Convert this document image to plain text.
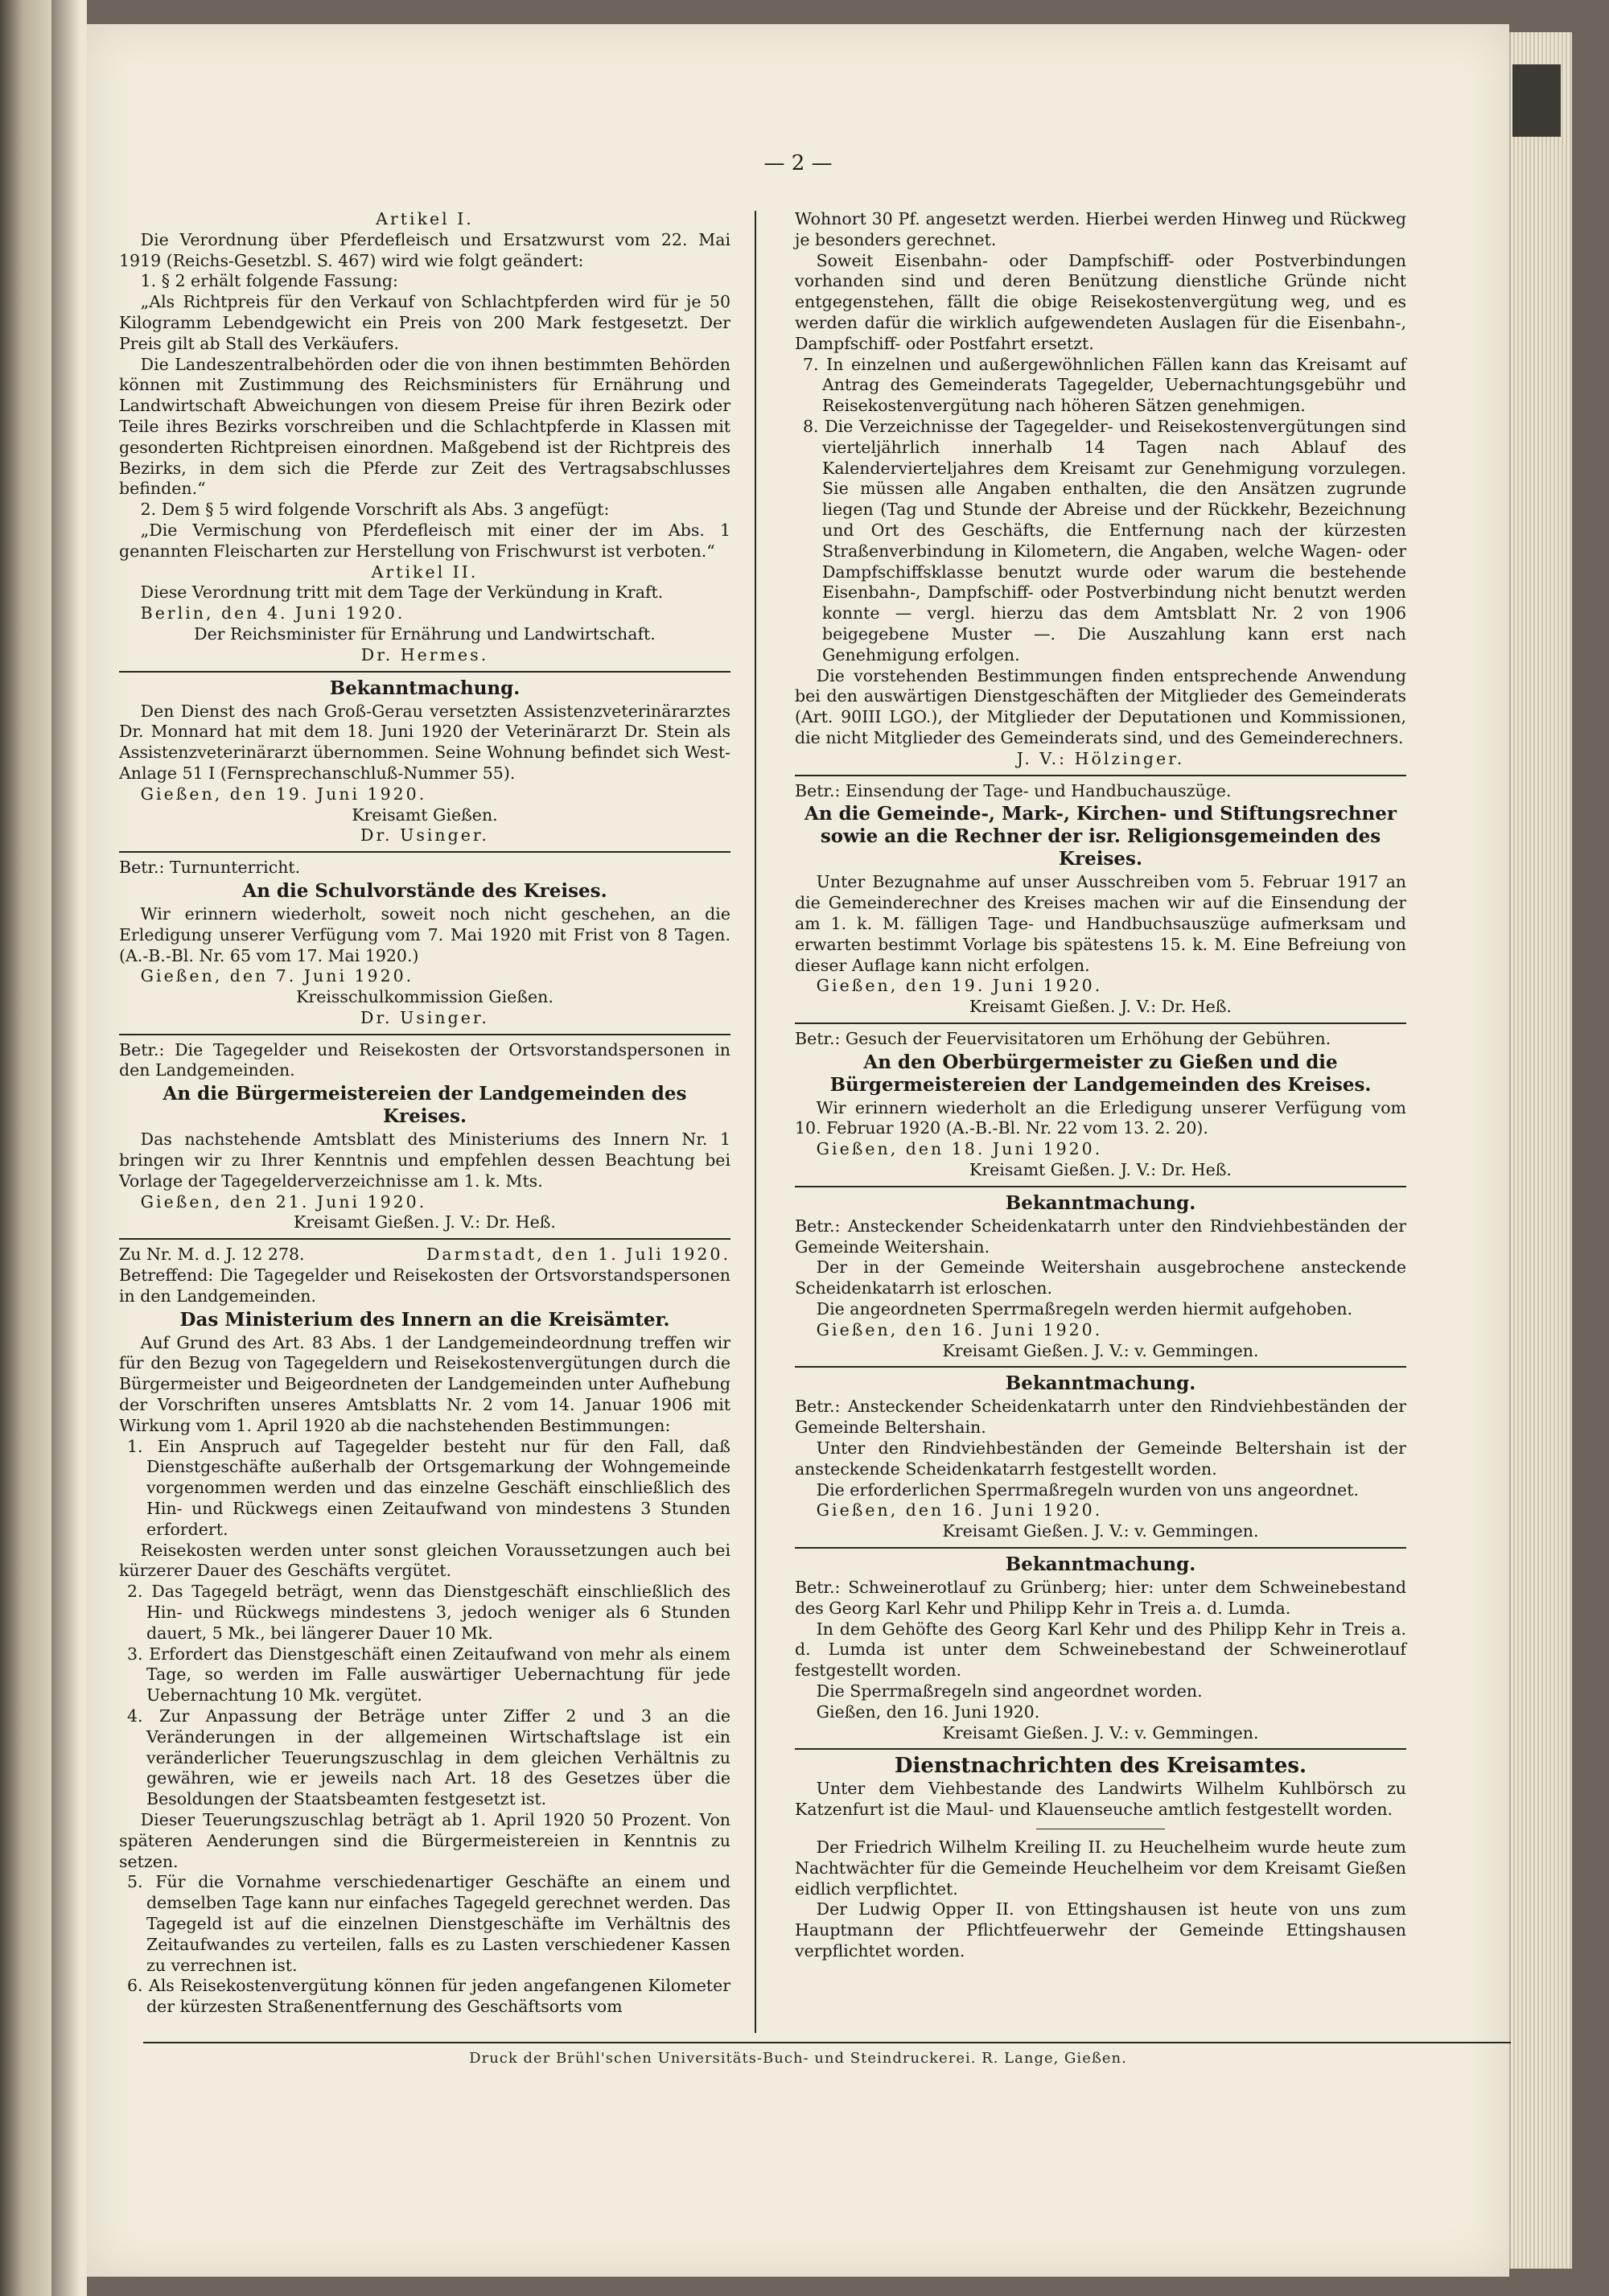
— 2 —

Artikel I.

Die Verordnung über Pferdefleisch und Ersatzwurst vom 22. Mai 1919 (Reichs-Gesetzbl. S. 467) wird wie folgt geändert:

1. § 2 erhält folgende Fassung:

„Als Richtpreis für den Verkauf von Schlachtpferden wird für je 50 Kilogramm Lebendgewicht ein Preis von 200 Mark festgesetzt. Der Preis gilt ab Stall des Verkäufers.

Die Landeszentralbehörden oder die von ihnen bestimmten Behörden können mit Zustimmung des Reichsministers für Ernährung und Landwirtschaft Abweichungen von diesem Preise für ihren Bezirk oder Teile ihres Bezirks vorschreiben und die Schlachtpferde in Klassen mit gesonderten Richtpreisen einordnen. Maßgebend ist der Richtpreis des Bezirks, in dem sich die Pferde zur Zeit des Vertragsabschlusses befinden.“

2. Dem § 5 wird folgende Vorschrift als Abs. 3 angefügt:

„Die Vermischung von Pferdefleisch mit einer der im Abs. 1 genannten Fleischarten zur Herstellung von Frischwurst ist verboten.“

Artikel II.

Diese Verordnung tritt mit dem Tage der Verkündung in Kraft.

Berlin, den 4. Juni 1920.

Der Reichsminister für Ernährung und Landwirtschaft.

Dr. Hermes.

Bekanntmachung.

Den Dienst des nach Groß-Gerau versetzten Assistenzveterinärarztes Dr. Monnard hat mit dem 18. Juni 1920 der Veterinärarzt Dr. Stein als Assistenzveterinärarzt übernommen. Seine Wohnung befindet sich West-Anlage 51 I (Fernsprechanschluß-Nummer 55).

Gießen, den 19. Juni 1920.

Kreisamt Gießen.

Dr. Usinger.

Betr.: Turnunterricht.

An die Schulvorstände des Kreises.

Wir erinnern wiederholt, soweit noch nicht geschehen, an die Erledigung unserer Verfügung vom 7. Mai 1920 mit Frist von 8 Tagen. (A.-B.-Bl. Nr. 65 vom 17. Mai 1920.)

Gießen, den 7. Juni 1920.

Kreisschulkommission Gießen.

Dr. Usinger.

Betr.: Die Tagegelder und Reisekosten der Ortsvorstandspersonen in den Landgemeinden.

An die Bürgermeistereien der Landgemeinden des Kreises.

Das nachstehende Amtsblatt des Ministeriums des Innern Nr. 1 bringen wir zu Ihrer Kenntnis und empfehlen dessen Beachtung bei Vorlage der Tagegelderverzeichnisse am 1. k. Mts.

Gießen, den 21. Juni 1920.

Kreisamt Gießen. J. V.: Dr. Heß.

Zu Nr. M. d. J. 12 278.	Darmstadt, den 1. Juli 1920.

Betreffend: Die Tagegelder und Reisekosten der Ortsvorstandspersonen in den Landgemeinden.

Das Ministerium des Innern an die Kreisämter.

Auf Grund des Art. 83 Abs. 1 der Landgemeindeordnung treffen wir für den Bezug von Tagegeldern und Reisekostenvergütungen durch die Bürgermeister und Beigeordneten der Landgemeinden unter Aufhebung der Vorschriften unseres Amtsblatts Nr. 2 vom 14. Januar 1906 mit Wirkung vom 1. April 1920 ab die nachstehenden Bestimmungen:

1. Ein Anspruch auf Tagegelder besteht nur für den Fall, daß Dienstgeschäfte außerhalb der Ortsgemarkung der Wohngemeinde vorgenommen werden und das einzelne Geschäft einschließlich des Hin- und Rückwegs einen Zeitaufwand von mindestens 3 Stunden erfordert.

Reisekosten werden unter sonst gleichen Voraussetzungen auch bei kürzerer Dauer des Geschäfts vergütet.

2. Das Tagegeld beträgt, wenn das Dienstgeschäft einschließlich des Hin- und Rückwegs mindestens 3, jedoch weniger als 6 Stunden dauert, 5 Mk., bei längerer Dauer 10 Mk.

3. Erfordert das Dienstgeschäft einen Zeitaufwand von mehr als einem Tage, so werden im Falle auswärtiger Uebernachtung für jede Uebernachtung 10 Mk. vergütet.

4. Zur Anpassung der Beträge unter Ziffer 2 und 3 an die Veränderungen in der allgemeinen Wirtschaftslage ist ein veränderlicher Teuerungszuschlag in dem gleichen Verhältnis zu gewähren, wie er jeweils nach Art. 18 des Gesetzes über die Besoldungen der Staatsbeamten festgesetzt ist.

Dieser Teuerungszuschlag beträgt ab 1. April 1920 50 Prozent. Von späteren Aenderungen sind die Bürgermeistereien in Kenntnis zu setzen.

5. Für die Vornahme verschiedenartiger Geschäfte an einem und demselben Tage kann nur einfaches Tagegeld gerechnet werden. Das Tagegeld ist auf die einzelnen Dienstgeschäfte im Verhältnis des Zeitaufwandes zu verteilen, falls es zu Lasten verschiedener Kassen zu verrechnen ist.

6. Als Reisekostenvergütung können für jeden angefangenen Kilometer der kürzesten Straßenentfernung des Geschäftsorts vom

Wohnort 30 Pf. angesetzt werden. Hierbei werden Hinweg und Rückweg je besonders gerechnet.

Soweit Eisenbahn- oder Dampfschiff- oder Postverbindungen vorhanden sind und deren Benützung dienstliche Gründe nicht entgegenstehen, fällt die obige Reisekostenvergütung weg, und es werden dafür die wirklich aufgewendeten Auslagen für die Eisenbahn-, Dampfschiff- oder Postfahrt ersetzt.

7. In einzelnen und außergewöhnlichen Fällen kann das Kreisamt auf Antrag des Gemeinderats Tagegelder, Uebernachtungsgebühr und Reisekostenvergütung nach höheren Sätzen genehmigen.

8. Die Verzeichnisse der Tagegelder- und Reisekostenvergütungen sind vierteljährlich innerhalb 14 Tagen nach Ablauf des Kalendervierteljahres dem Kreisamt zur Genehmigung vorzulegen. Sie müssen alle Angaben enthalten, die den Ansätzen zugrunde liegen (Tag und Stunde der Abreise und der Rückkehr, Bezeichnung und Ort des Geschäfts, die Entfernung nach der kürzesten Straßenverbindung in Kilometern, die Angaben, welche Wagen- oder Dampfschiffsklasse benutzt wurde oder warum die bestehende Eisenbahn-, Dampfschiff- oder Postverbindung nicht benutzt werden konnte — vergl. hierzu das dem Amtsblatt Nr. 2 von 1906 beigegebene Muster —. Die Auszahlung kann erst nach Genehmigung erfolgen.

Die vorstehenden Bestimmungen finden entsprechende Anwendung bei den auswärtigen Dienstgeschäften der Mitglieder des Gemeinderats (Art. 90III LGO.), der Mitglieder der Deputationen und Kommissionen, die nicht Mitglieder des Gemeinderats sind, und des Gemeinderechners.

J. V.: Hölzinger.

Betr.: Einsendung der Tage- und Handbuchauszüge.

An die Gemeinde-, Mark-, Kirchen- und Stiftungsrechner sowie an die Rechner der isr. Religionsgemeinden des Kreises.

Unter Bezugnahme auf unser Ausschreiben vom 5. Februar 1917 an die Gemeinderechner des Kreises machen wir auf die Einsendung der am 1. k. M. fälligen Tage- und Handbuchsauszüge aufmerksam und erwarten bestimmt Vorlage bis spätestens 15. k. M. Eine Befreiung von dieser Auflage kann nicht erfolgen.

Gießen, den 19. Juni 1920.

Kreisamt Gießen. J. V.: Dr. Heß.

Betr.: Gesuch der Feuervisitatoren um Erhöhung der Gebühren.

An den Oberbürgermeister zu Gießen und die Bürgermeistereien der Landgemeinden des Kreises.

Wir erinnern wiederholt an die Erledigung unserer Verfügung vom 10. Februar 1920 (A.-B.-Bl. Nr. 22 vom 13. 2. 20).

Gießen, den 18. Juni 1920.

Kreisamt Gießen. J. V.: Dr. Heß.

Bekanntmachung.

Betr.: Ansteckender Scheidenkatarrh unter den Rindviehbeständen der Gemeinde Weitershain.

Der in der Gemeinde Weitershain ausgebrochene ansteckende Scheidenkatarrh ist erloschen.

Die angeordneten Sperrmaßregeln werden hiermit aufgehoben.

Gießen, den 16. Juni 1920.

Kreisamt Gießen. J. V.: v. Gemmingen.

Bekanntmachung.

Betr.: Ansteckender Scheidenkatarrh unter den Rindviehbeständen der Gemeinde Beltershain.

Unter den Rindviehbeständen der Gemeinde Beltershain ist der ansteckende Scheidenkatarrh festgestellt worden.

Die erforderlichen Sperrmaßregeln wurden von uns angeordnet.

Gießen, den 16. Juni 1920.

Kreisamt Gießen. J. V.: v. Gemmingen.

Bekanntmachung.

Betr.: Schweinerotlauf zu Grünberg; hier: unter dem Schweinebestand des Georg Karl Kehr und Philipp Kehr in Treis a. d. Lumda.

In dem Gehöfte des Georg Karl Kehr und des Philipp Kehr in Treis a. d. Lumda ist unter dem Schweinebestand der Schweinerotlauf festgestellt worden.

Die Sperrmaßregeln sind angeordnet worden.

Gießen, den 16. Juni 1920.

Kreisamt Gießen. J. V.: v. Gemmingen.

Dienstnachrichten des Kreisamtes.

Unter dem Viehbestande des Landwirts Wilhelm Kuhlbörsch zu Katzenfurt ist die Maul- und Klauenseuche amtlich festgestellt worden.

Der Friedrich Wilhelm Kreiling II. zu Heuchelheim wurde heute zum Nachtwächter für die Gemeinde Heuchelheim vor dem Kreisamt Gießen eidlich verpflichtet.

Der Ludwig Opper II. von Ettingshausen ist heute von uns zum Hauptmann der Pflichtfeuerwehr der Gemeinde Ettingshausen verpflichtet worden.

Druck der Brühl'schen Universitäts-Buch- und Steindruckerei. R. Lange, Gießen.
